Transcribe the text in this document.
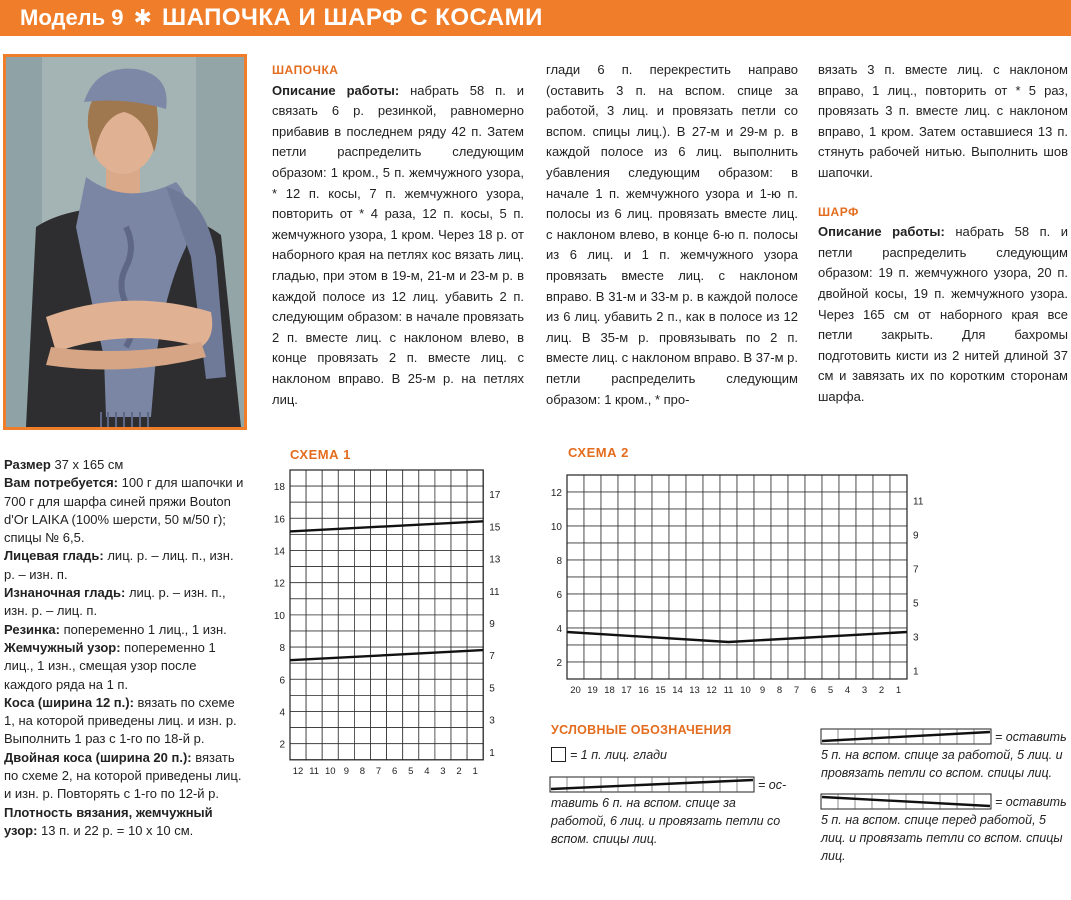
Модель 9 ✱ ШАПОЧКА И ШАРФ С КОСАМИ
ШАПОЧКА
Описание работы: набрать 58 п. и связать 6 р. резинкой, равномерно прибавив в последнем ряду 42 п. Затем петли распределить следующим образом: 1 кром., 5 п. жемчужного узора, * 12 п. косы, 7 п. жемчужного узора, повторить от * 4 раза, 12 п. косы, 5 п. жемчужного узора, 1 кром. Через 18 р. от наборного края на петлях кос вязать лиц. гладью, при этом в 19-м, 21-м и 23-м р. в каждой полосе из 12 лиц. убавить 2 п. следующим образом: в начале провязать 2 п. вместе лиц. с наклоном влево, в конце провязать 2 п. вместе лиц. с наклоном вправо. В 25-м р. на петлях лиц.
глади 6 п. перекрестить направо (оставить 3 п. на вспом. спице за работой, 3 лиц. и провязать петли со вспом. спицы лиц.). В 27-м и 29-м р. в каждой полосе из 6 лиц. выполнить убавления следующим образом: в начале 1 п. жемчужного узора и 1-ю п. полосы из 6 лиц. провязать вместе лиц. с наклоном влево, в конце 6-ю п. полосы из 6 лиц. и 1 п. жемчужного узора провязать вместе лиц. с наклоном вправо. В 31-м и 33-м р. в каждой полосе из 6 лиц. убавить 2 п., как в полосе из 12 лиц. В 35-м р. провязывать по 2 п. вместе лиц. с наклоном вправо. В 37-м р. петли распределить следующим образом: 1 кром., * про-
вязать 3 п. вместе лиц. с наклоном вправо, 1 лиц., повторить от * 5 раз, провязать 3 п. вместе лиц. с наклоном вправо, 1 кром. Затем оставшиеся 13 п. стянуть рабочей нитью. Выполнить шов шапочки.
ШАРФ
Описание работы: набрать 58 п. и петли распределить следующим образом: 19 п. жемчужного узора, 20 п. двойной косы, 19 п. жемчужного узора. Через 165 см от наборного края все петли закрыть. Для бахромы подготовить кисти из 2 нитей длиной 37 см и завязать их по коротким сторонам шарфа.
Размер 37 х 165 см
Вам потребуется: 100 г для шапочки и 700 г для шарфа синей пряжи Bouton d'Or LAIKA (100% шерсти, 50 м/50 г); спицы № 6,5.
Лицевая гладь: лиц. р. – лиц. п., изн. р. – изн. п.
Изнаночная гладь: лиц. р. – изн. п., изн. р. – лиц. п.
Резинка: попеременно 1 лиц., 1 изн.
Жемчужный узор: попеременно 1 лиц., 1 изн., смещая узор после каждого ряда на 1 п.
Коса (ширина 12 п.): вязать по схеме 1, на которой приведены лиц. и изн. р. Выполнить 1 раз с 1-го по 18-й р.
Двойная коса (ширина 20 п.): вязать по схеме 2, на которой приведены лиц. и изн. р. Повторять с 1-го по 12-й р.
Плотность вязания, жемчужный узор: 13 п. и 22 р. = 10 х 10 см.
СХЕМА 1	СХЕМА 2
2
4
6
8
10
12
14
16
18
1
3
5
7
9
11
13
15
17
12 11 10 9 8 7 6 5 4 3 2 1
2
4
6
8
10
12
1
3
5
7
9
11
20 19 18 17 16 15 14 13 12 11 10 9 8 7 6 5 4 3 2 1
УСЛОВНЫЕ ОБОЗНАЧЕНИЯ
= 1 п. лиц. глади
= ос-
тавить 6 п. на вспом. спице за работой, 6 лиц. и провязать петли со вспом. спицы лиц.
= оставить
5 п. на вспом. спице за работой, 5 лиц. и провязать петли со вспом. спицы лиц.
= оставить
5 п. на вспом. спице перед работой, 5 лиц. и провязать петли со вспом. спицы лиц.
